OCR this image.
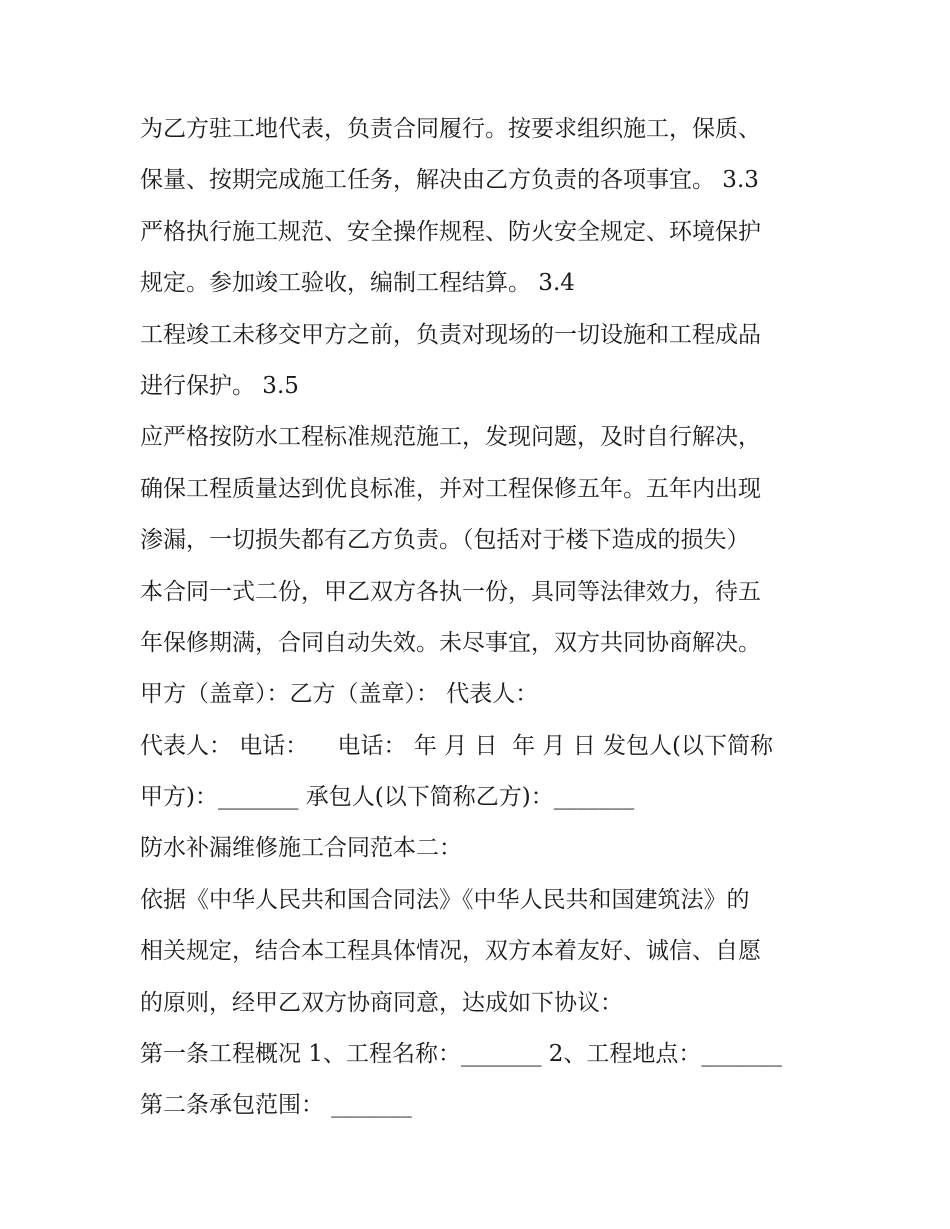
为乙方驻工地代表，负责合同履行。按要求组织施工，保质、
保量、按期完成施工任务，解决由乙方负责的各项事宜。 3.3
严格执行施工规范、安全操作规程、防火安全规定、环境保护
规定。参加竣工验收，编制工程结算。 3.4
工程竣工未移交甲方之前，负责对现场的一切设施和工程成品
进行保护。 3.5
应严格按防水工程标准规范施工，发现问题，及时自行解决，
确保工程质量达到优良标准，并对工程保修五年。五年内出现
渗漏，一切损失都有乙方负责。（包括对于楼下造成的损失）
本合同一式二份，甲乙双方各执一份，具同等法律效力，待五
年保修期满，合同自动失效。未尽事宜，双方共同协商解决。
甲方（盖章）：乙方（盖章）： 代表人：
代表人： 电话：    电话： 年 月 日  年 月 日 发包人(以下简称
甲方)：_______ 承包人(以下简称乙方)：_______
防水补漏维修施工合同范本二：
依据《中华人民共和国合同法》《中华人民共和国建筑法》的
相关规定，结合本工程具体情况，双方本着友好、诚信、自愿
的原则，经甲乙双方协商同意，达成如下协议：
第一条工程概况 1、工程名称：_______ 2、工程地点：_______
第二条承包范围： _______
